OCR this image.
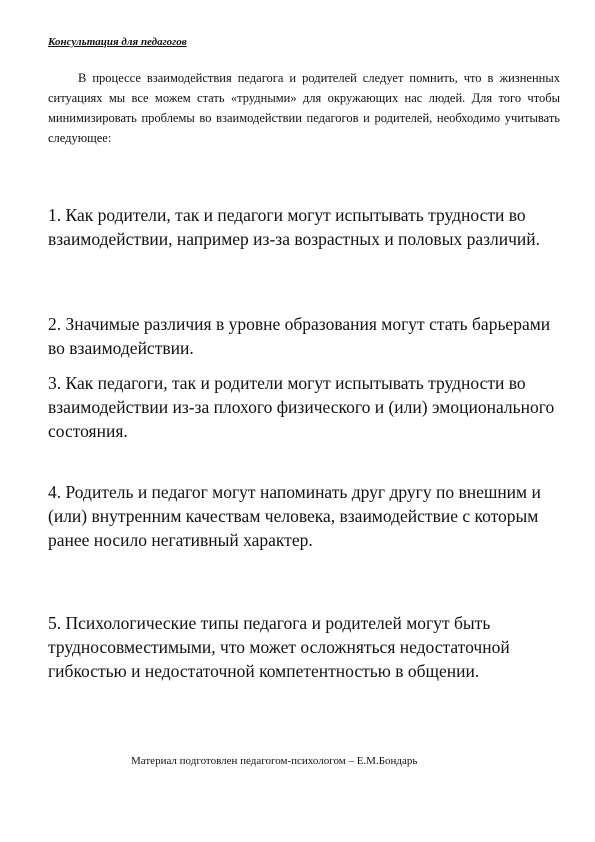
Консультация для педагогов

В процессе взаимодействия педагога и родителей следует помнить, что в жизненных ситуациях мы все можем стать «трудными» для окружающих нас людей. Для того чтобы минимизировать проблемы во взаимодействии педагогов и родителей, необходимо учитывать следующее:

1. Как родители, так и педагоги могут испытывать трудности во взаимодействии, например из-за возрастных и половых различий.

2. Значимые различия в уровне образования могут стать барьерами во взаимодействии.

3. Как педагоги, так и родители могут испытывать трудности во взаимодействии из-за плохого физического и (или) эмоционального состояния.

4. Родитель и педагог могут напоминать друг другу по внешним и (или) внутренним качествам человека, взаимодействие с которым ранее носило негативный характер.

5. Психологические типы педагога и родителей могут быть трудносовместимыми, что может осложняться недостаточной гибкостью и недостаточной компетентностью в общении.

Материал подготовлен педагогом-психологом – Е.М.Бондарь
